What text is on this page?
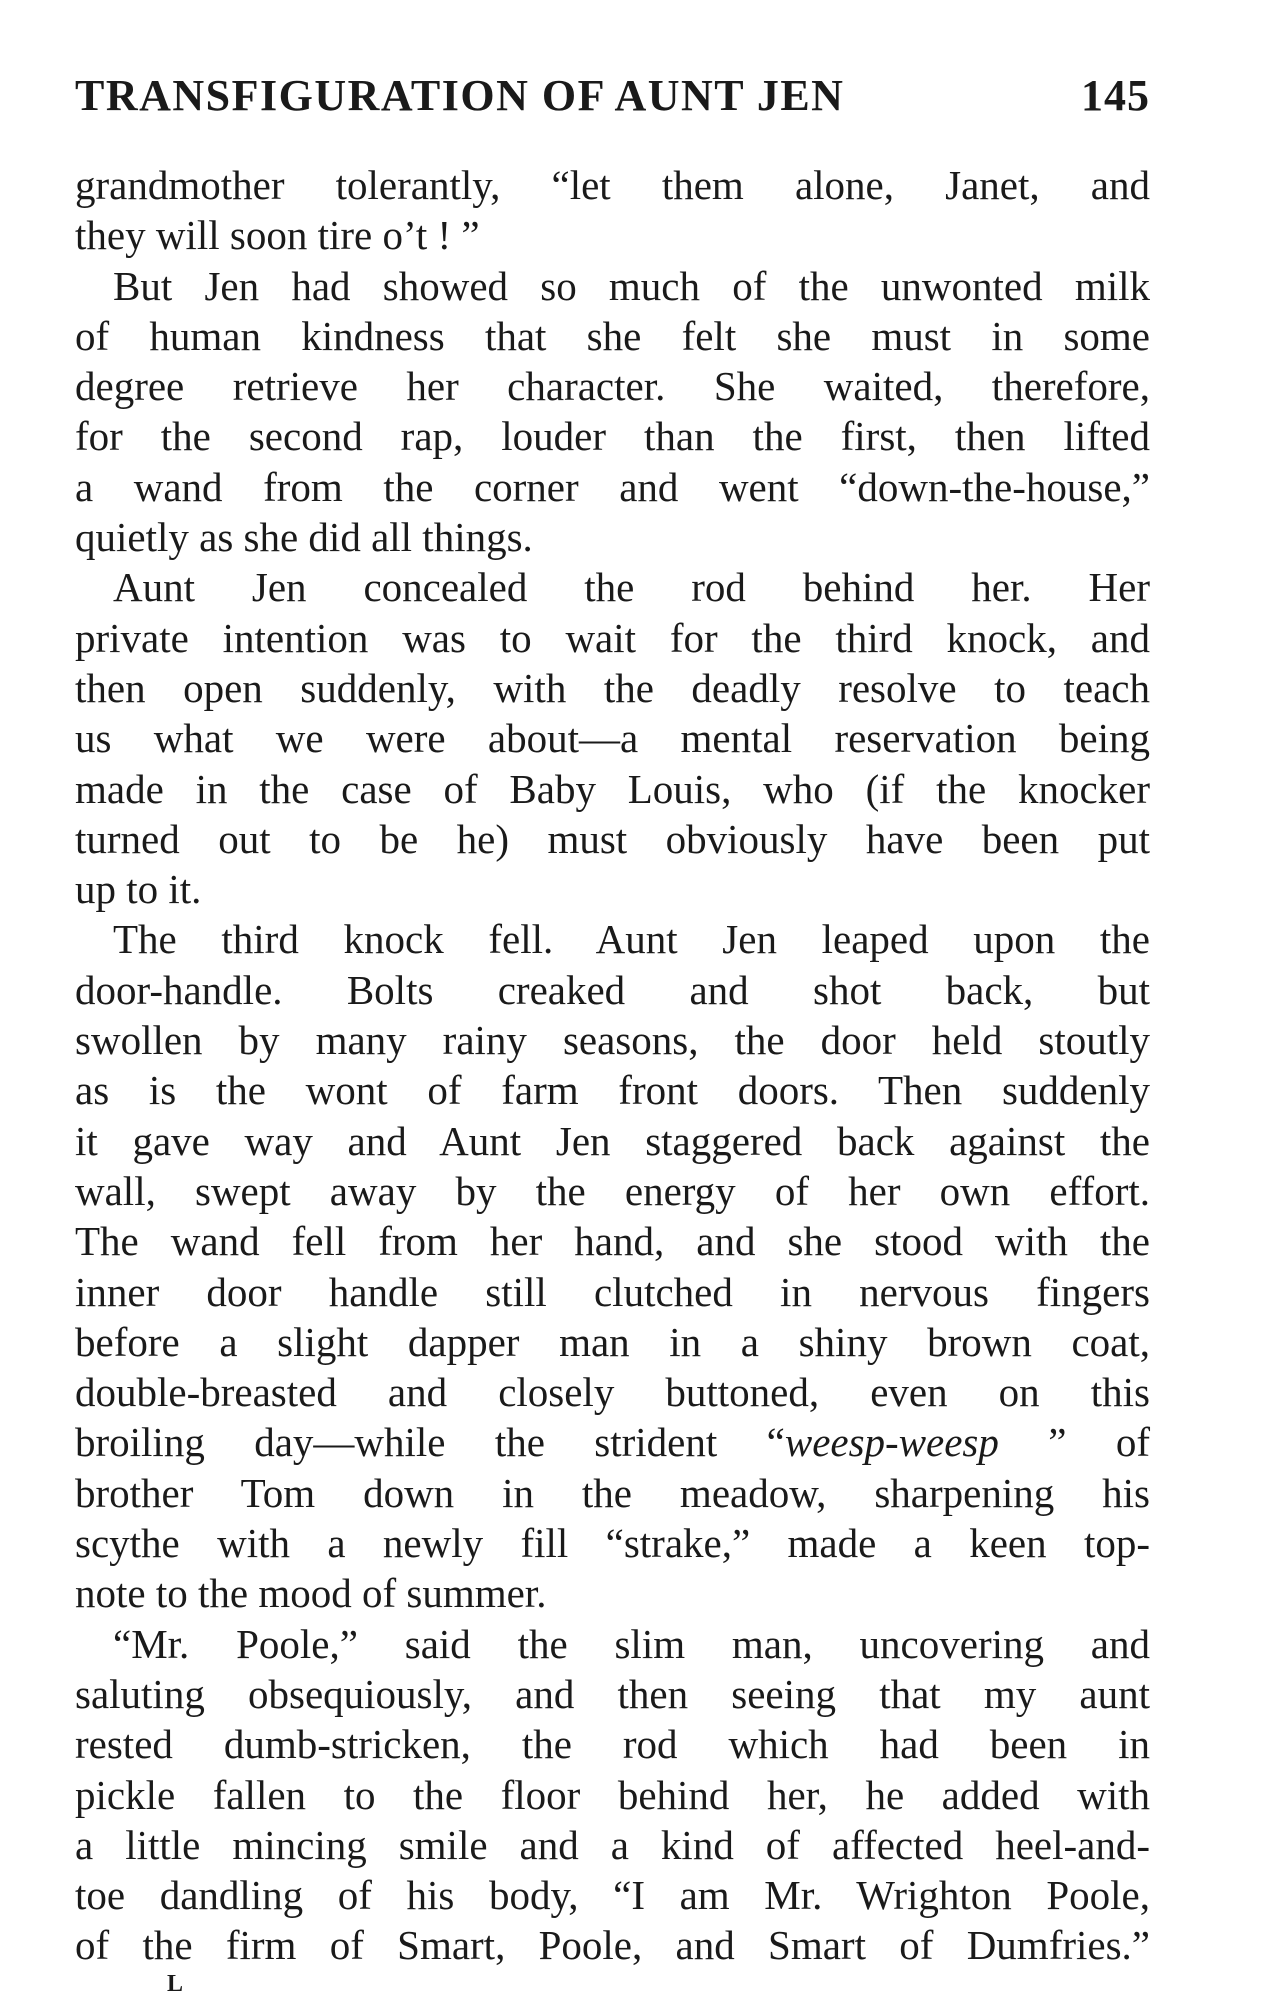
TRANSFIGURATION OF AUNT JEN	145
grandmother tolerantly, “let them alone, Janet, and
they will soon tire o’t ! ”
But Jen had showed so much of the unwonted milk
of human kindness that she felt she must in some
degree retrieve her character. She waited, therefore,
for the second rap, louder than the first, then lifted
a wand from the corner and went “down-the-house,”
quietly as she did all things.
Aunt Jen concealed the rod behind her. Her
private intention was to wait for the third knock, and
then open suddenly, with the deadly resolve to teach
us what we were about—a mental reservation being
made in the case of Baby Louis, who (if the knocker
turned out to be he) must obviously have been put
up to it.
The third knock fell. Aunt Jen leaped upon the
door-handle. Bolts creaked and shot back, but
swollen by many rainy seasons, the door held stoutly
as is the wont of farm front doors. Then suddenly
it gave way and Aunt Jen staggered back against the
wall, swept away by the energy of her own effort.
The wand fell from her hand, and she stood with the
inner door handle still clutched in nervous fingers
before a slight dapper man in a shiny brown coat,
double-breasted and closely buttoned, even on this
broiling day—while the strident “weesp-weesp ” of
brother Tom down in the meadow, sharpening his
scythe with a newly fill “strake,” made a keen top-
note to the mood of summer.
“Mr. Poole,” said the slim man, uncovering and
saluting obsequiously, and then seeing that my aunt
rested dumb-stricken, the rod which had been in
pickle fallen to the floor behind her, he added with
a little mincing smile and a kind of affected heel-and-
toe dandling of his body, “I am Mr. Wrighton Poole,
of the firm of Smart, Poole, and Smart of Dumfries.”
L
